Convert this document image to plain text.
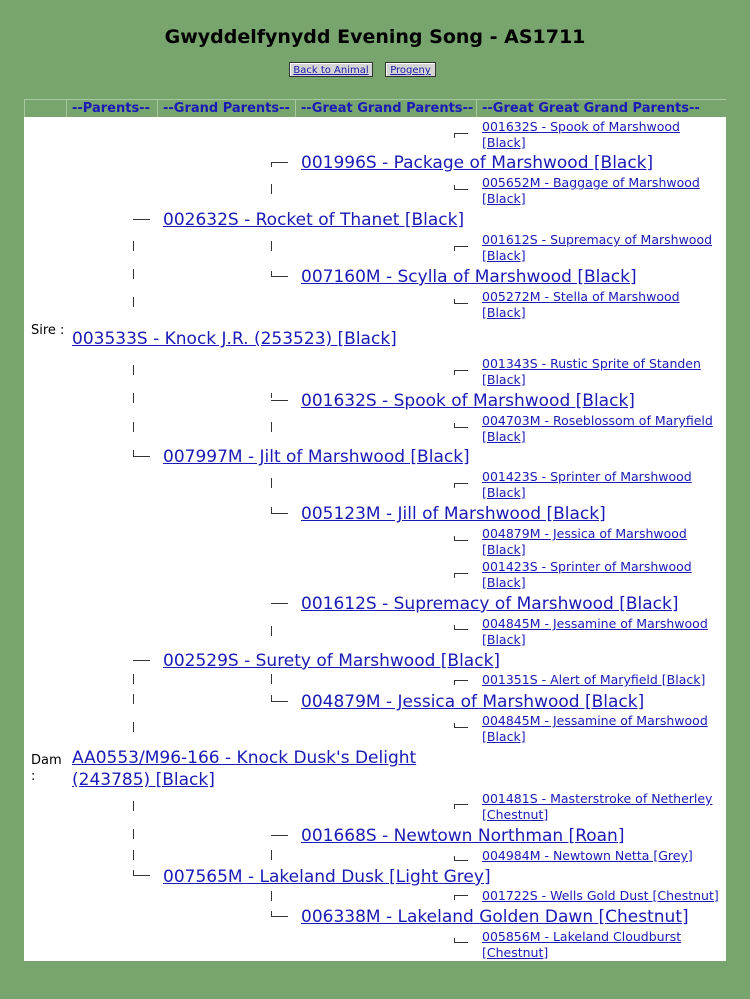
Gwyddelfynydd Evening Song - AS1711
Back to Animal	Progeny
--Parents--	--Grand Parents-- --Great Grand Parents-- --Great Great Grand Parents--
Sire :
Dam :
001632S - Spook of Marshwood [Black]
001996S - Package of Marshwood [Black]
005652M - Baggage of Marshwood [Black]
002632S - Rocket of Thanet [Black]
001612S - Supremacy of Marshwood [Black]
007160M - Scylla of Marshwood [Black]
005272M - Stella of Marshwood [Black]
003533S - Knock J.R. (253523) [Black]
001343S - Rustic Sprite of Standen [Black]
001632S - Spook of Marshwood [Black]
004703M - Roseblossom of Maryfield [Black]
007997M - Jilt of Marshwood [Black]
001423S - Sprinter of Marshwood [Black]
005123M - Jill of Marshwood [Black]
004879M - Jessica of Marshwood [Black]
001423S - Sprinter of Marshwood [Black]
001612S - Supremacy of Marshwood [Black]
004845M - Jessamine of Marshwood [Black]
002529S - Surety of Marshwood [Black]
001351S - Alert of Maryfield [Black]
004879M - Jessica of Marshwood [Black]
004845M - Jessamine of Marshwood [Black]
AA0553/M96-166 - Knock Dusk's Delight (243785) [Black]
001481S - Masterstroke of Netherley [Chestnut]
001668S - Newtown Northman [Roan]
004984M - Newtown Netta [Grey]
007565M - Lakeland Dusk [Light Grey]
001722S - Wells Gold Dust [Chestnut]
006338M - Lakeland Golden Dawn [Chestnut]
005856M - Lakeland Cloudburst [Chestnut]
